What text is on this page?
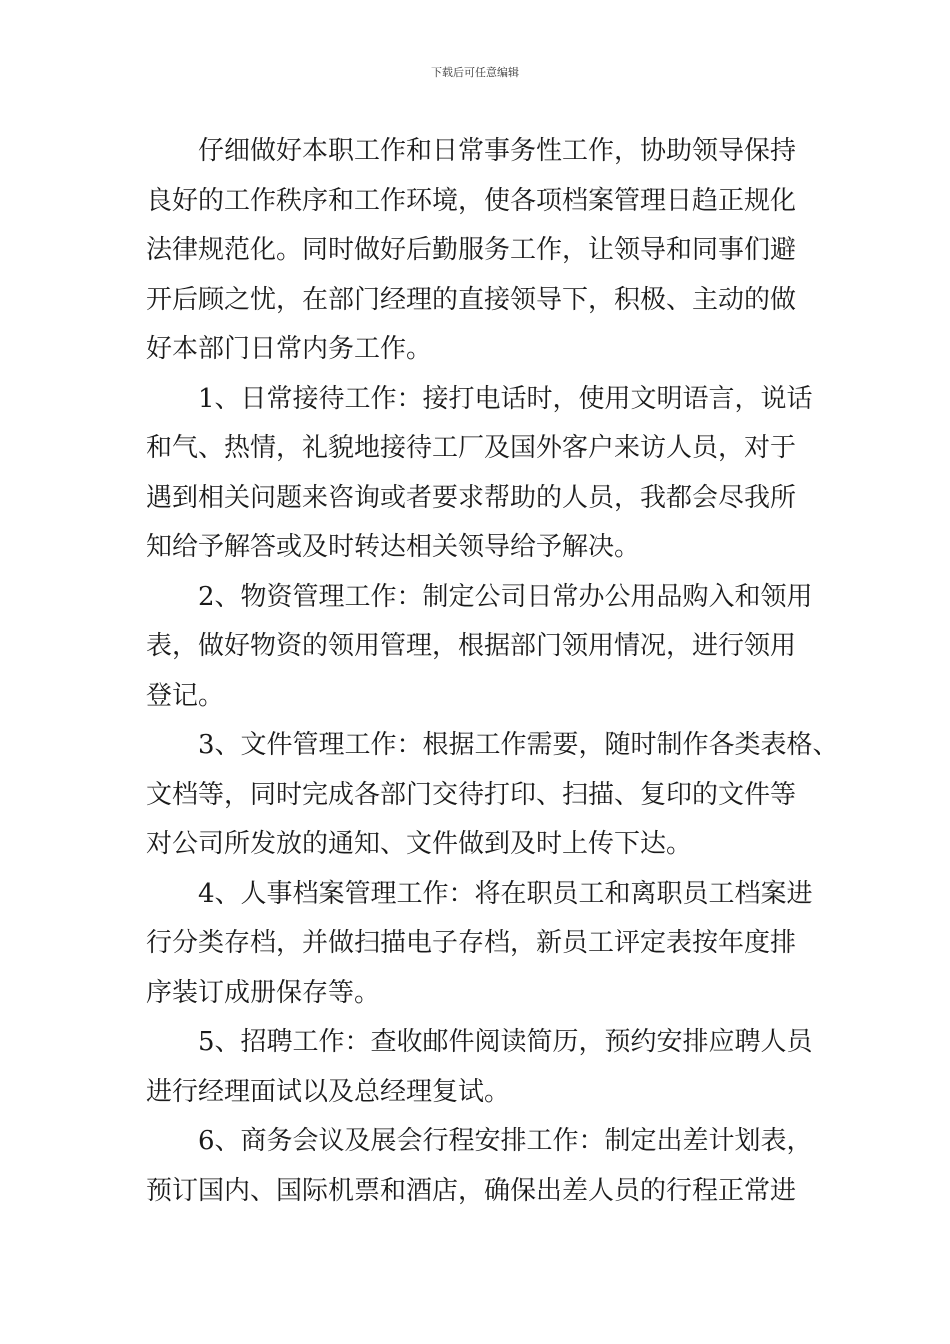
下载后可任意编辑

仔细做好本职工作和日常事务性工作，协助领导保持
良好的工作秩序和工作环境，使各项档案管理日趋正规化
法律规范化。同时做好后勤服务工作，让领导和同事们避
开后顾之忧，在部门经理的直接领导下，积极、主动的做
好本部门日常内务工作。

1、日常接待工作：接打电话时，使用文明语言，说话
和气、热情，礼貌地接待工厂及国外客户来访人员，对于
遇到相关问题来咨询或者要求帮助的人员，我都会尽我所
知给予解答或及时转达相关领导给予解决。

2、物资管理工作：制定公司日常办公用品购入和领用
表，做好物资的领用管理，根据部门领用情况，进行领用
登记。

3、文件管理工作：根据工作需要，随时制作各类表格、
文档等，同时完成各部门交待打印、扫描、复印的文件等
对公司所发放的通知、文件做到及时上传下达。

4、人事档案管理工作：将在职员工和离职员工档案进
行分类存档，并做扫描电子存档，新员工评定表按年度排
序装订成册保存等。

5、招聘工作：查收邮件阅读简历，预约安排应聘人员
进行经理面试以及总经理复试。

6、商务会议及展会行程安排工作：制定出差计划表，
预订国内、国际机票和酒店，确保出差人员的行程正常进
